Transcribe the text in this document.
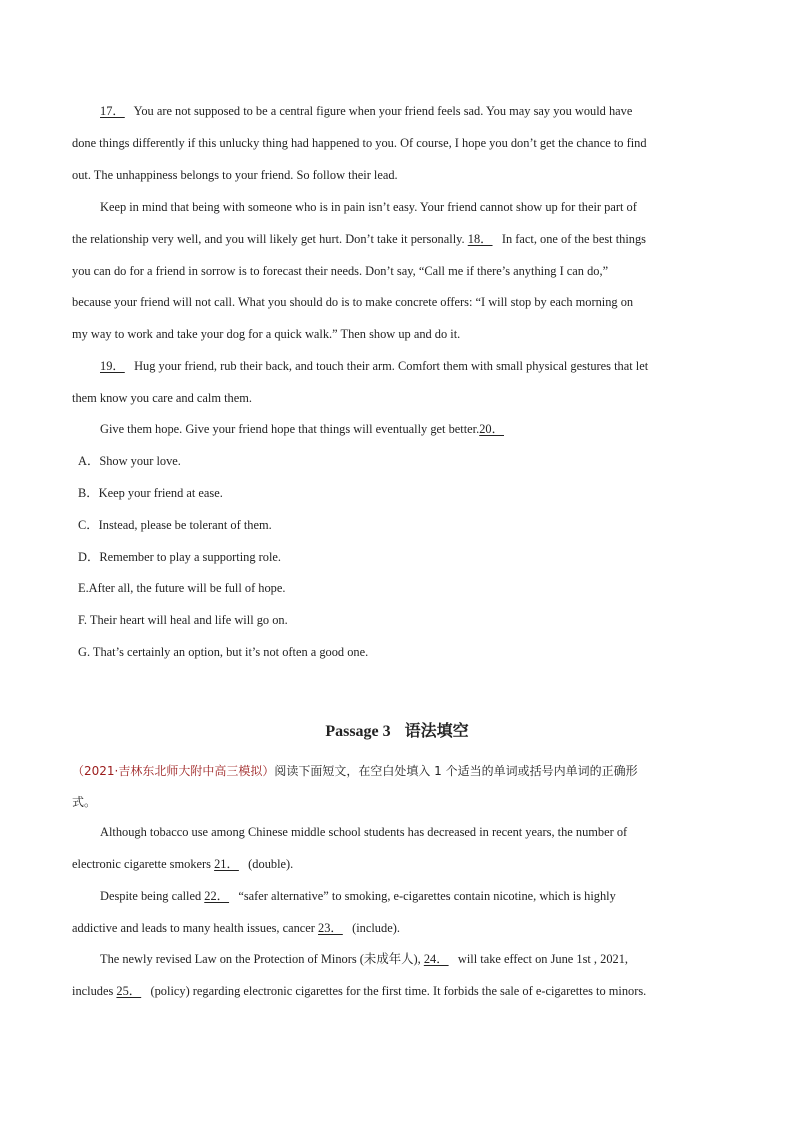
17． You are not supposed to be a central figure when your friend feels sad. You may say you would have
done things differently if this unlucky thing had happened to you. Of course, I hope you don’t get the chance to find
out. The unhappiness belongs to your friend. So follow their lead.
Keep in mind that being with someone who is in pain isn’t easy. Your friend cannot show up for their part of
the relationship very well, and you will likely get hurt. Don’t take it personally. 18． In fact, one of the best things
you can do for a friend in sorrow is to forecast their needs. Don’t say, “Call me if there’s anything I can do,”
because your friend will not call. What you should do is to make concrete offers: “I will stop by each morning on
my way to work and take your dog for a quick walk.” Then show up and do it.
19． Hug your friend, rub their back, and touch their arm. Comfort them with small physical gestures that let
them know you care and calm them.
Give them hope. Give your friend hope that things will eventually get better.20．
A．Show your love.
B．Keep your friend at ease.
C．Instead, please be tolerant of them.
D．Remember to play a supporting role.
E.After all, the future will be full of hope.
F. Their heart will heal and life will go on.
G. That’s certainly an option, but it’s not often a good one.
Passage 3 语法填空
（2021·吉林东北师大附中高三模拟）阅读下面短文，在空白处填入 1 个适当的单词或括号内单词的正确形
式。
Although tobacco use among Chinese middle school students has decreased in recent years, the number of
electronic cigarette smokers 21． (double).
Despite being called 22． “safer alternative” to smoking, e-cigarettes contain nicotine, which is highly
addictive and leads to many health issues, cancer 23． (include).
The newly revised Law on the Protection of Minors (未成年人), 24． will take effect on June 1st , 2021,
includes 25． (policy) regarding electronic cigarettes for the first time. It forbids the sale of e-cigarettes to minors.
